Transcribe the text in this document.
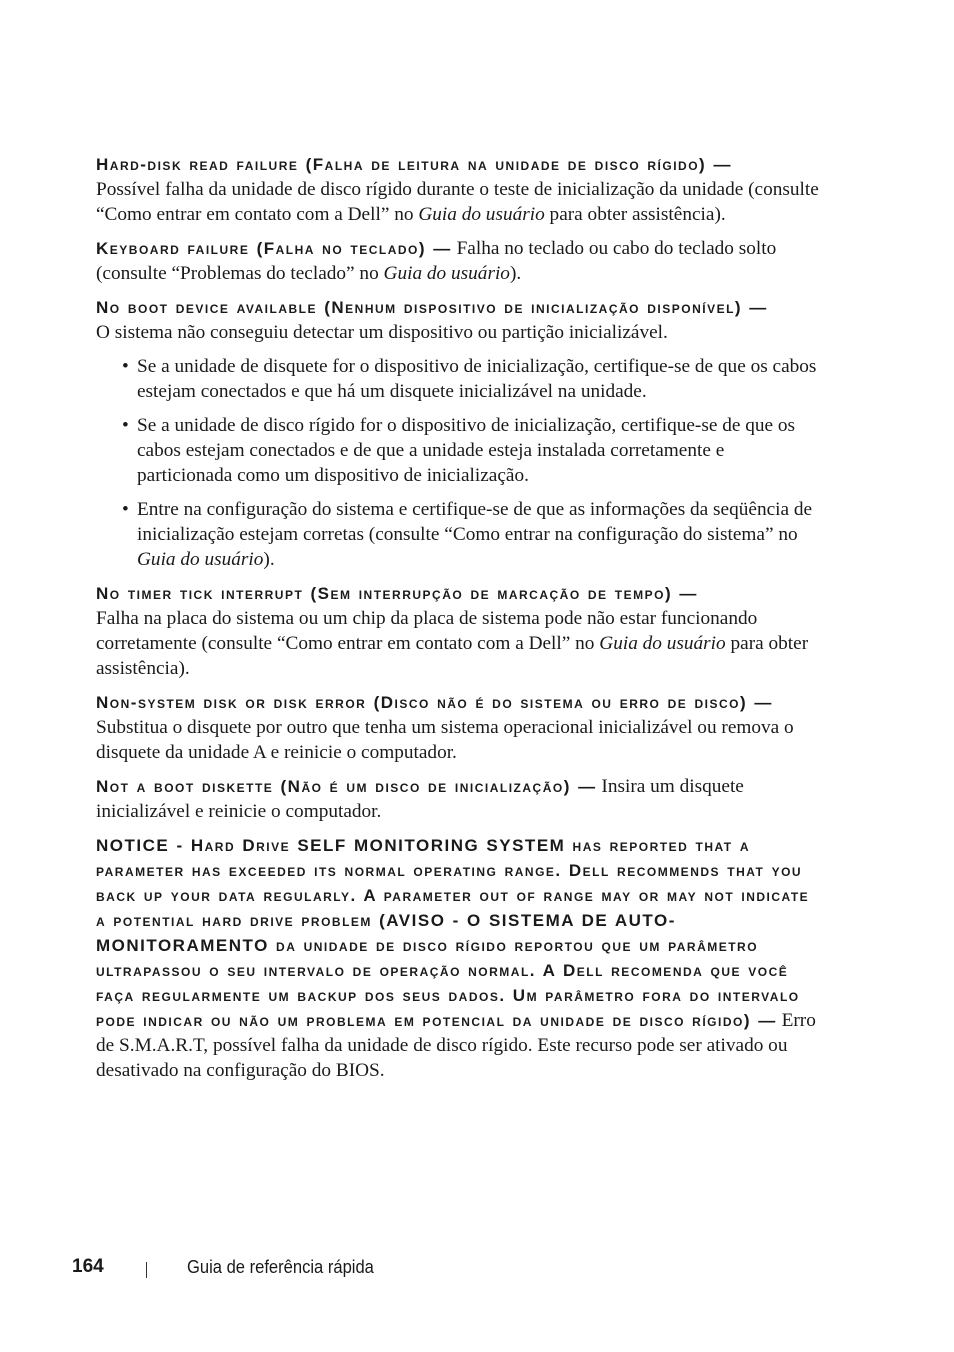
Hard-disk read failure (Falha de leitura na unidade de disco rígido) —
Possível falha da unidade de disco rígido durante o teste de inicialização da unidade (consulte “Como entrar em contato com a Dell” no Guia do usuário para obter assistência).

Keyboard failure (Falha no teclado) — Falha no teclado ou cabo do teclado solto (consulte “Problemas do teclado” no Guia do usuário).

No boot device available (Nenhum dispositivo de inicialização disponível) —
O sistema não conseguiu detectar um dispositivo ou partição inicializável.

• Se a unidade de disquete for o dispositivo de inicialização, certifique-se de que os cabos estejam conectados e que há um disquete inicializável na unidade.
• Se a unidade de disco rígido for o dispositivo de inicialização, certifique-se de que os cabos estejam conectados e de que a unidade esteja instalada corretamente e particionada como um dispositivo de inicialização.
• Entre na configuração do sistema e certifique-se de que as informações da seqüência de inicialização estejam corretas (consulte “Como entrar na configuração do sistema” no Guia do usuário).

No timer tick interrupt (Sem interrupção de marcação de tempo) —
Falha na placa do sistema ou um chip da placa de sistema pode não estar funcionando corretamente (consulte “Como entrar em contato com a Dell” no Guia do usuário para obter assistência).

Non-system disk or disk error (Disco não é do sistema ou erro de disco) —
Substitua o disquete por outro que tenha um sistema operacional inicializável ou remova o disquete da unidade A e reinicie o computador.

Not a boot diskette (Não é um disco de inicialização) — Insira um disquete inicializável e reinicie o computador.

NOTICE - Hard Drive SELF MONITORING SYSTEM has reported that a parameter has exceeded its normal operating range. Dell recommends that you back up your data regularly. A parameter out of range may or may not indicate a potential hard drive problem (AVISO - O SISTEMA DE AUTO-MONITORAMENTO da unidade de disco rígido reportou que um parâmetro ultrapassou o seu intervalo de operação normal. A Dell recomenda que você faça regularmente um backup dos seus dados. Um parâmetro fora do intervalo pode indicar ou não um problema em potencial da unidade de disco rígido) — Erro de S.M.A.R.T, possível falha da unidade de disco rígido. Este recurso pode ser ativado ou desativado na configuração do BIOS.

164	Guia de referência rápida
